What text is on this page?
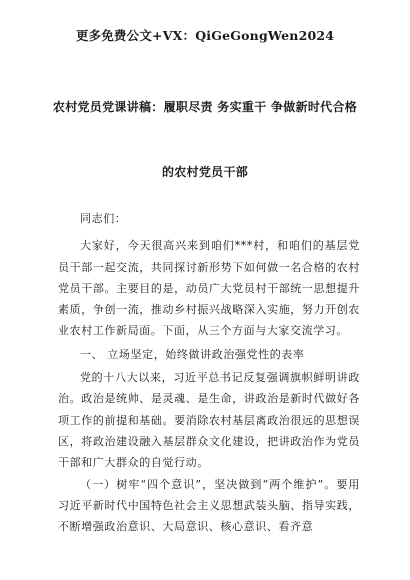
更多免费公文+VX：QiGeGongWen2024
农村党员党课讲稿：履职尽责 务实重干 争做新时代合格
的农村党员干部

同志们：

大家好，今天很高兴来到咱们***村，和咱们的基层党员干部一起交流，共同探讨新形势下如何做一名合格的农村党员干部。主要目的是，动员广大党员村干部统一思想提升素质，争创一流，推动乡村振兴战略深入实施，努力开创农业农村工作新局面。下面，从三个方面与大家交流学习。

一、 立场坚定，始终做讲政治强党性的表率

党的十八大以来，习近平总书记反复强调旗帜鲜明讲政治。政治是统帅、是灵魂、是生命，讲政治是新时代做好各项工作的前提和基础。要消除农村基层离政治很远的思想误区，将政治建设融入基层群众文化建设，把讲政治作为党员干部和广大群众的自觉行动。

（一）树牢“四个意识”，坚决做到“两个维护”。要用习近平新时代中国特色社会主义思想武装头脑、指导实践，不断增强政治意识、大局意识、核心意识、看齐意
